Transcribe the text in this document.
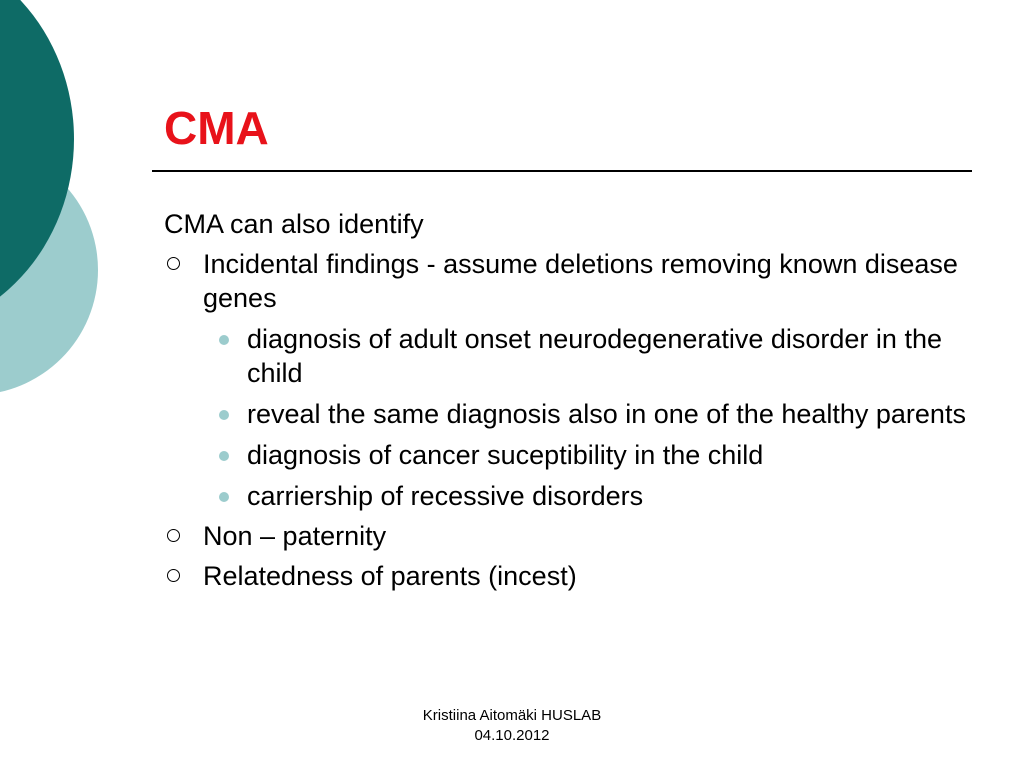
CMA
CMA can also identify
Incidental findings - assume deletions removing known disease genes
diagnosis of adult onset neurodegenerative disorder in the child
reveal the same diagnosis also in one of the healthy parents
diagnosis of cancer suceptibility in the child
carriership of recessive disorders
Non – paternity
Relatedness of parents (incest)
Kristiina Aitomäki HUSLAB
04.10.2012
